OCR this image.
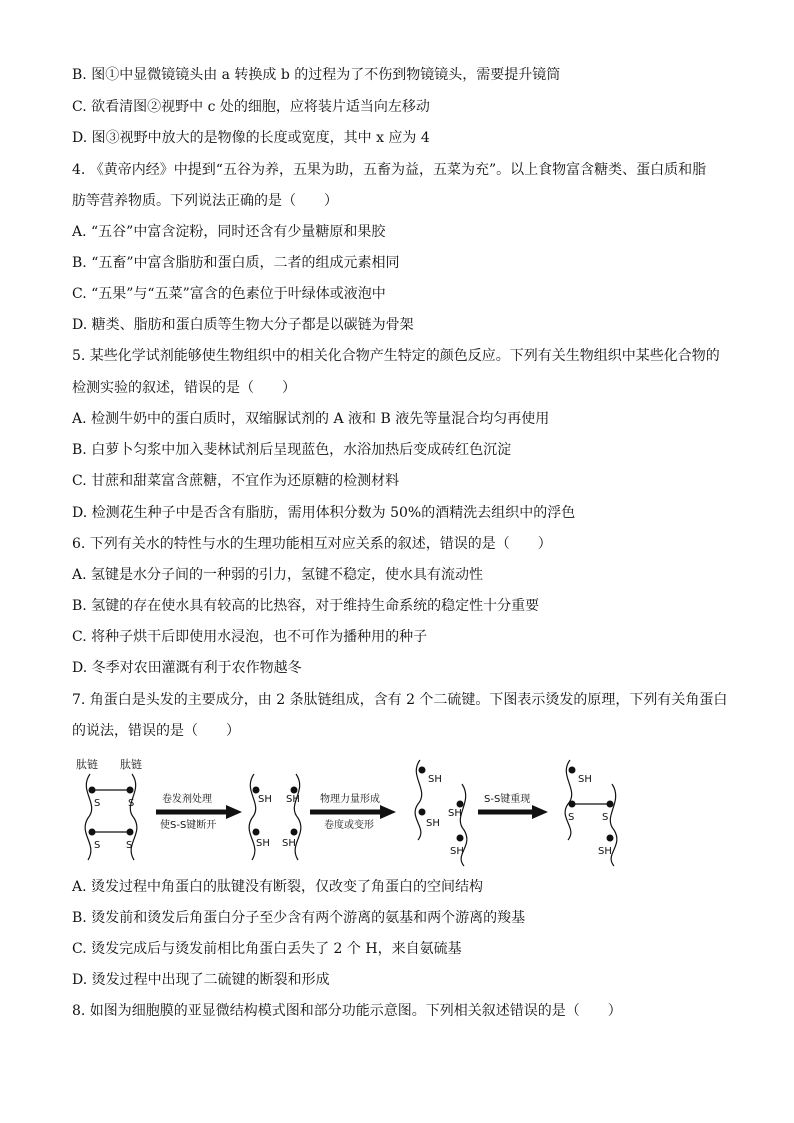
B. 图①中显微镜镜头由 a 转换成 b 的过程为了不伤到物镜镜头，需要提升镜筒
C. 欲看清图②视野中 c 处的细胞，应将装片适当向左移动
D. 图③视野中放大的是物像的长度或宽度，其中 x 应为 4
4. 《黄帝内经》中提到“五谷为养，五果为助，五畜为益，五菜为充”。以上食物富含糖类、蛋白质和脂
肪等营养物质。下列说法正确的是（　　）
A. “五谷”中富含淀粉，同时还含有少量糖原和果胶
B. “五畜”中富含脂肪和蛋白质，二者的组成元素相同
C. “五果”与“五菜”富含的色素位于叶绿体或液泡中
D. 糖类、脂肪和蛋白质等生物大分子都是以碳链为骨架
5. 某些化学试剂能够使生物组织中的相关化合物产生特定的颜色反应。下列有关生物组织中某些化合物的
检测实验的叙述，错误的是（　　）
A. 检测牛奶中的蛋白质时，双缩脲试剂的 A 液和 B 液先等量混合均匀再使用
B. 白萝卜匀浆中加入斐林试剂后呈现蓝色，水浴加热后变成砖红色沉淀
C. 甘蔗和甜菜富含蔗糖，不宜作为还原糖的检测材料
D. 检测花生种子中是否含有脂肪，需用体积分数为 50%的酒精洗去组织中的浮色
6. 下列有关水的特性与水的生理功能相互对应关系的叙述，错误的是（　　）
A. 氢键是水分子间的一种弱的引力，氢键不稳定，使水具有流动性
B. 氢键的存在使水具有较高的比热容，对于维持生命系统的稳定性十分重要
C. 将种子烘干后即使用水浸泡，也不可作为播种用的种子
D. 冬季对农田灌溉有利于农作物越冬
7. 角蛋白是头发的主要成分，由 2 条肽链组成，含有 2 个二硫键。下图表示烫发的原理，下列有关角蛋白
的说法，错误的是（　　）
肽链 肽链
S	S
S	S
卷发剂处理
使S-S键断开
SH SH
SH SH
物理力量形成
卷度或变形
SH
SH
SH
SH
S-S键重现
SH
S	S
SH
A. 烫发过程中角蛋白的肽键没有断裂，仅改变了角蛋白的空间结构
B. 烫发前和烫发后角蛋白分子至少含有两个游离的氨基和两个游离的羧基
C. 烫发完成后与烫发前相比角蛋白丢失了 2 个 H，来自氨硫基
D. 烫发过程中出现了二硫键的断裂和形成
8. 如图为细胞膜的亚显微结构模式图和部分功能示意图。下列相关叙述错误的是（　　）
